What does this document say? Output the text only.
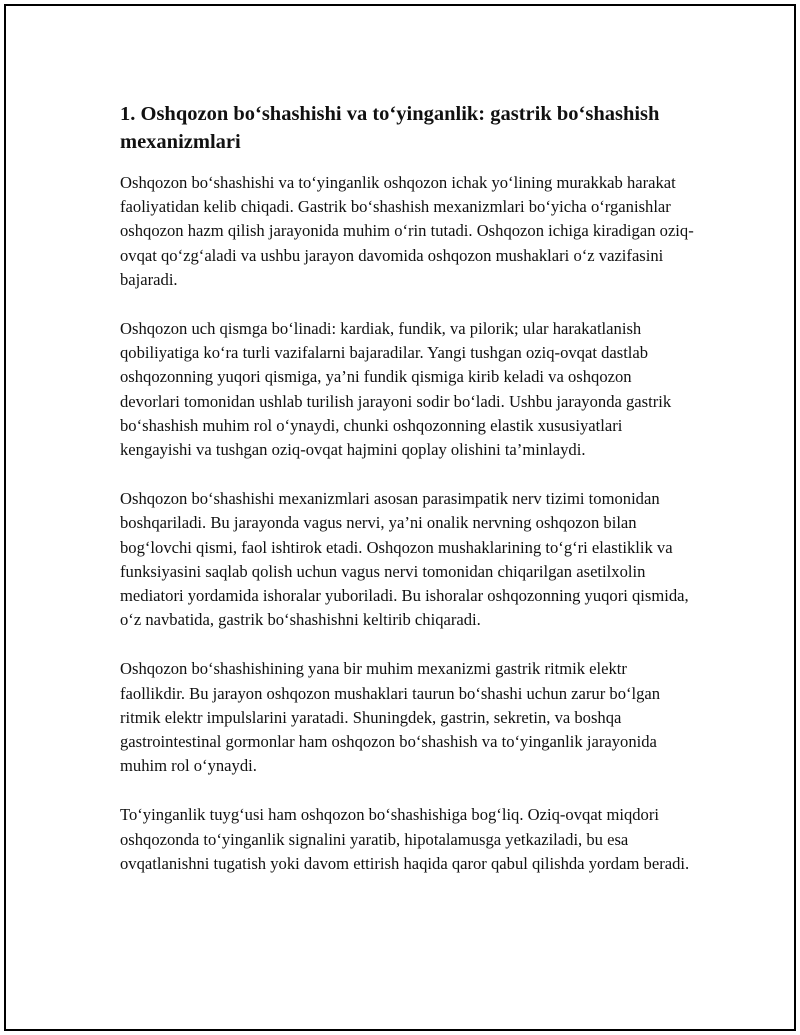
1. Oshqozon bo‘shashishi va to‘yinganlik: gastrik bo‘shashish mexanizmlari

Oshqozon bo‘shashishi va to‘yinganlik oshqozon ichak yo‘lining murakkab harakat faoliyatidan kelib chiqadi. Gastrik bo‘shashish mexanizmlari bo‘yicha o‘rganishlar oshqozon hazm qilish jarayonida muhim o‘rin tutadi. Oshqozon ichiga kiradigan oziq-ovqat qo‘zg‘aladi va ushbu jarayon davomida oshqozon mushaklari o‘z vazifasini bajaradi.

Oshqozon uch qismga bo‘linadi: kardiak, fundik, va pilorik; ular harakatlanish qobiliyatiga ko‘ra turli vazifalarni bajaradilar. Yangi tushgan oziq-ovqat dastlab oshqozonning yuqori qismiga, ya’ni fundik qismiga kirib keladi va oshqozon devorlari tomonidan ushlab turilish jarayoni sodir bo‘ladi. Ushbu jarayonda gastrik bo‘shashish muhim rol o‘ynaydi, chunki oshqozonning elastik xususiyatlari kengayishi va tushgan oziq-ovqat hajmini qoplay olishini ta’minlaydi.

Oshqozon bo‘shashishi mexanizmlari asosan parasimpatik nerv tizimi tomonidan boshqariladi. Bu jarayonda vagus nervi, ya’ni onalik nervning oshqozon bilan bog‘lovchi qismi, faol ishtirok etadi. Oshqozon mushaklarining to‘g‘ri elastiklik va funksiyasini saqlab qolish uchun vagus nervi tomonidan chiqarilgan asetilxolin mediatori yordamida ishoralar yuboriladi. Bu ishoralar oshqozonning yuqori qismida, o‘z navbatida, gastrik bo‘shashishni keltirib chiqaradi.

Oshqozon bo‘shashishining yana bir muhim mexanizmi gastrik ritmik elektr faollikdir. Bu jarayon oshqozon mushaklari taurun bo‘shashi uchun zarur bo‘lgan ritmik elektr impulslarini yaratadi. Shuningdek, gastrin, sekretin, va boshqa gastrointestinal gormonlar ham oshqozon bo‘shashish va to‘yinganlik jarayonida muhim rol o‘ynaydi.

To‘yinganlik tuyg‘usi ham oshqozon bo‘shashishiga bog‘liq. Oziq-ovqat miqdori oshqozonda to‘yinganlik signalini yaratib, hipotalamusga yetkaziladi, bu esa ovqatlanishni tugatish yoki davom ettirish haqida qaror qabul qilishda yordam beradi.
